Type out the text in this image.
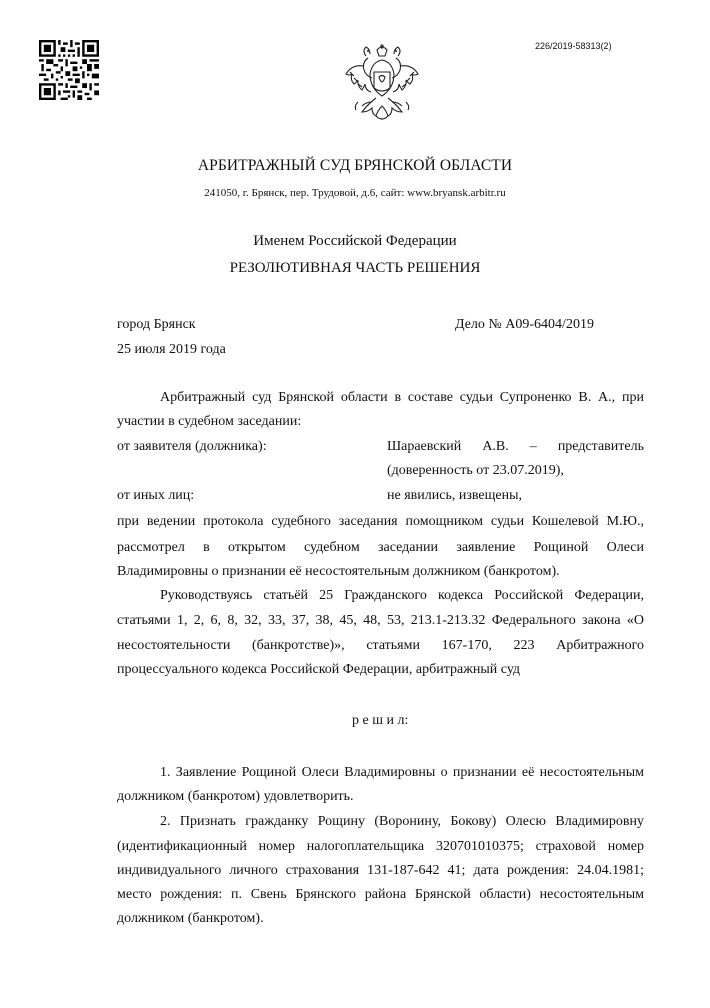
226/2019-58313(2)
АРБИТРАЖНЫЙ СУД БРЯНСКОЙ ОБЛАСТИ
241050, г. Брянск, пер. Трудовой, д.6, сайт: www.bryansk.arbitr.ru
Именем Российской Федерации
РЕЗОЛЮТИВНАЯ ЧАСТЬ РЕШЕНИЯ
город Брянск	Дело № А09-6404/2019
25 июля 2019 года
Арбитражный суд Брянской области в составе судьи Супроненко В. А., при
участии в судебном заседании:
от заявителя (должника):	Шараевский А.В. – представитель
(доверенность от 23.07.2019),
от иных лиц:	не явились, извещены,
при ведении протокола судебного заседания помощником судьи Кошелевой М.Ю.,
рассмотрел в открытом судебном заседании заявление Рощиной Олеси
Владимировны о признании её несостоятельным должником (банкротом).
Руководствуясь статьёй 25 Гражданского кодекса Российской Федерации,
статьями 1, 2, 6, 8, 32, 33, 37, 38, 45, 48, 53, 213.1-213.32 Федерального закона «О
несостоятельности (банкротстве)», статьями 167-170, 223 Арбитражного
процессуального кодекса Российской Федерации, арбитражный суд
р е ш и л:
1. Заявление Рощиной Олеси Владимировны о признании её несостоятельным
должником (банкротом) удовлетворить.
2. Признать гражданку Рощину (Воронину, Бокову) Олесю Владимировну
(идентификационный номер налогоплательщика 320701010375; страховой номер
индивидуального личного страхования 131-187-642 41; дата рождения: 24.04.1981;
место рождения: п. Свень Брянского района Брянской области) несостоятельным
должником (банкротом).
